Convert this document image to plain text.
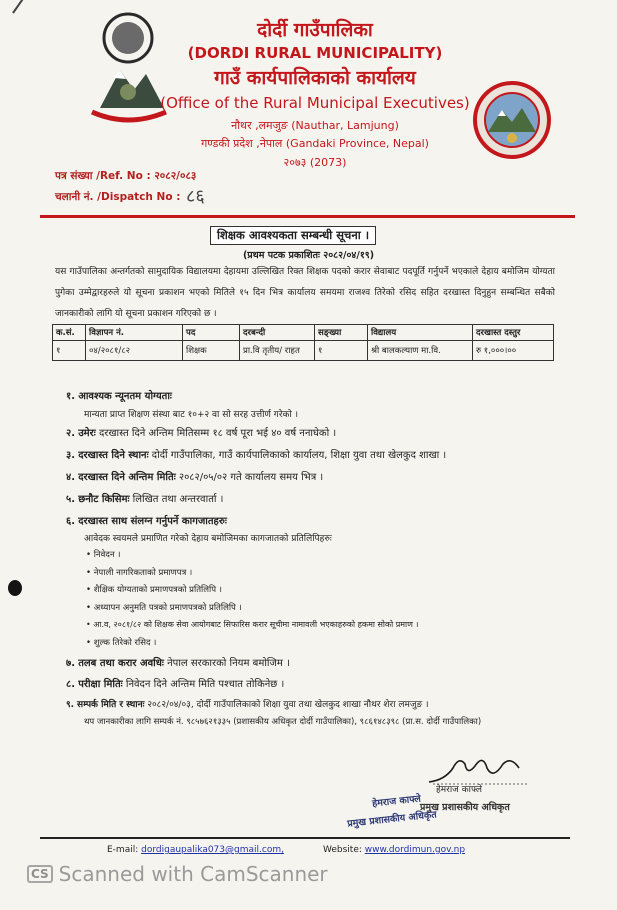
दोर्दी गाउँपालिका
(DORDI RURAL MUNICIPALITY)
गाउँ कार्यपालिकाको कार्यालय
(Office of the Rural Municipal Executives)
नौथर ,लमजुङ (Nauthar, Lamjung)
गण्डकी प्रदेश ,नेपाल (Gandaki Province, Nepal)
२०७३ (2073)
पत्र संख्या /Ref. No : २०८२/०८३
चलानी नं. /Dispatch No : ८६
शिक्षक आवश्यकता सम्बन्धी सूचना ।
(प्रथम पटक प्रकाशितः २०८२/०४/१९)
यस गाउँपालिका अन्तर्गतको सामुदायिक विद्यालयमा देहायमा उल्लिखित रिक्त शिक्षक पदको करार सेवाबाट पदपूर्ति गर्नुपर्ने भएकाले देहाय बमोजिम योग्यता पुगेका उम्मेद्वारहरुले यो सूचना प्रकाशन भएको मितिले १५ दिन भित्र कार्यालय समयमा राजश्व तिरेको रसिद सहित दरखास्त दिनुहुन सम्बन्धित सबैको जानकारीको लागि यो सूचना प्रकाशन गरिएको छ ।
क.सं.	विज्ञापन नं.	पद	दरबन्दी	सङ्ख्या	विद्यालय	दरखास्त दस्तुर
१	०४/२०८१/८२	शिक्षक	प्रा.वि तृतीय/ राहत	१	श्री बालकल्याण मा.वि.	रु १,०००।००
१. आवश्यक न्यूनतम योग्यताः
मान्यता प्राप्त शिक्षण संस्था बाट १०+२ वा सो सरह उत्तीर्ण गरेको ।
२. उमेरः दरखास्त दिने अन्तिम मितिसम्म १८ वर्ष पूरा भई ४० वर्ष ननाघेको ।
३. दरखास्त दिने स्थानः दोर्दी गाउँपालिका, गाउँ कार्यपालिकाको कार्यालय, शिक्षा युवा तथा खेलकुद शाखा ।
४. दरखास्त दिने अन्तिम मितिः २०८२/०५/०२ गते कार्यालय समय भित्र ।
५. छनौट किसिमः लिखित तथा अन्तरवार्ता ।
६. दरखास्त साथ संलग्न गर्नुपर्ने कागजातहरुः
आवेदक स्वयमले प्रमाणित गरेको देहाय बमोजिमका कागजातको प्रतिलिपिहरुः
• निवेदन ।
• नेपाली नागरिकताको प्रमाणपत्र ।
• शैक्षिक योग्यताको प्रमाणपत्रको प्रतिलिपि ।
• अध्यापन अनुमति पत्रको प्रमाणपत्रको प्रतिलिपि ।
• आ.व, २०८१/८२ को शिक्षक सेवा आयोगबाट सिफारिस करार सूचीमा नामावली भएकाहरुको हकमा सोको प्रमाण ।
• शुल्क तिरेको रसिद ।
७. तलब तथा करार अवधिः नेपाल सरकारको नियम बमोजिम ।
८. परीक्षा मितिः निवेदन दिने अन्तिम मिति पश्चात तोकिनेछ ।
९. सम्पर्क मिति र स्थानः २०८२/०४/०३, दोर्दी गाउँपालिकाको शिक्षा युवा तथा खेलकुद शाखा नौथर शेरा लमजुङ ।
थप जानकारीका लागि सम्पर्क नं. ९८५७६२१३३५ (प्रशासकीय अधिकृत दोर्दी गाउँपालिका), ९८६१४८३९८ (प्रा.स. दोर्दी गाउँपालिका)
हेमराज काफ्ले
प्रमुख प्रशासकीय अधिकृत
हेमराज काफ्ले
प्रमुख प्रशासकीय अधिकृत
E-mail: dordigaupalika073@gmail.com,	Website: www.dordimun.gov.np
CS Scanned with CamScanner
